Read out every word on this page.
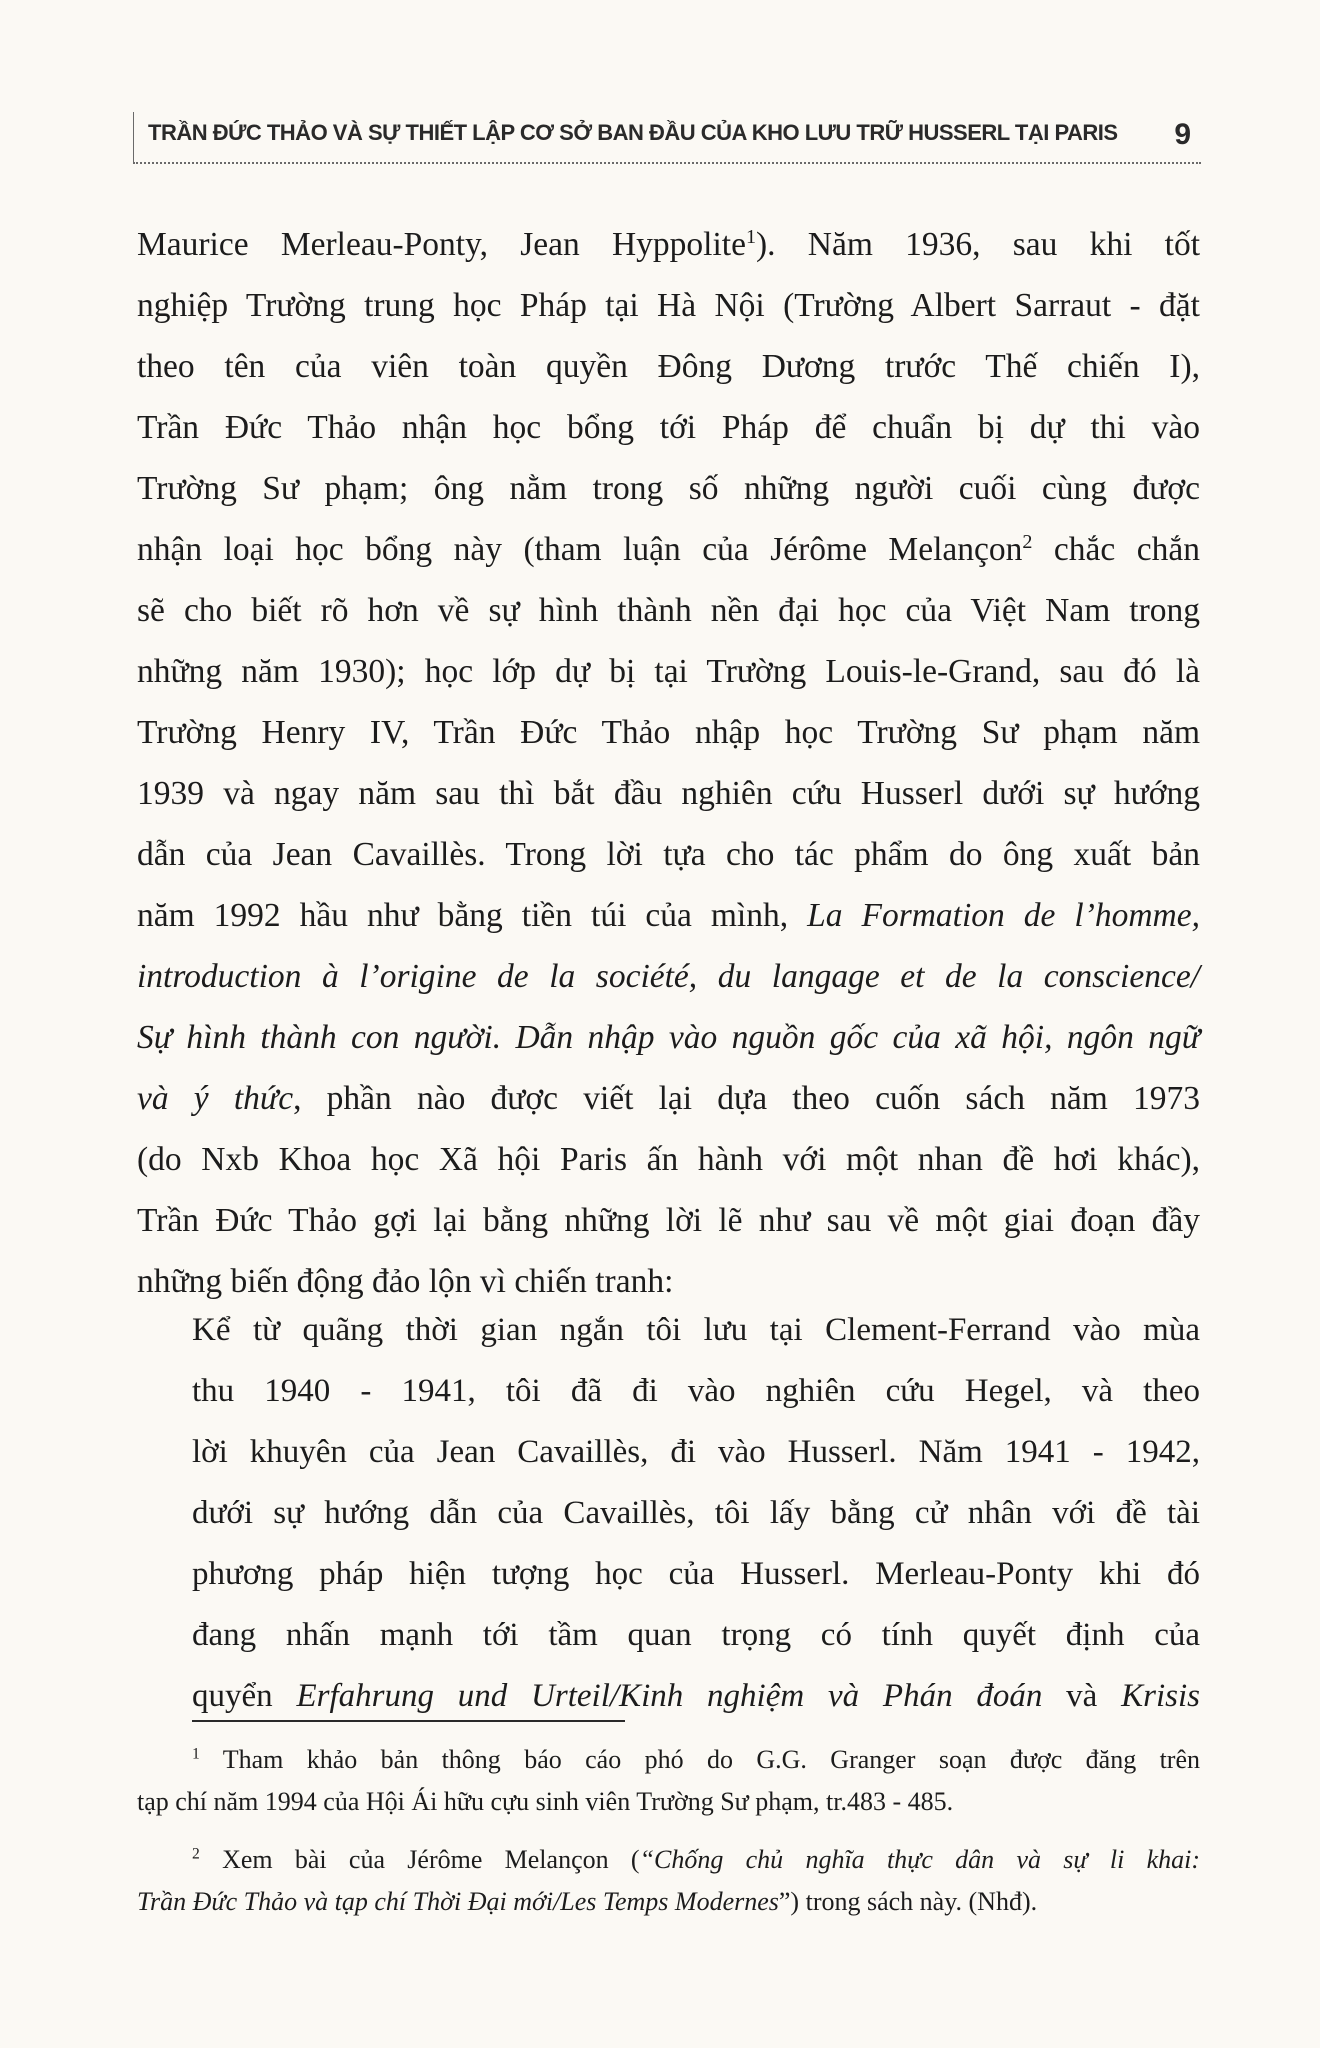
TRẦN ĐỨC THẢO VÀ SỰ THIẾT LẬP CƠ SỞ BAN ĐẦU CỦA KHO LƯU TRỮ HUSSERL TẠI PARIS 9
Maurice Merleau-Ponty, Jean Hyppolite$^1$). Năm 1936, sau khi tốt
nghiệp Trường trung học Pháp tại Hà Nội (Trường Albert Sarraut - đặt
theo tên của viên toàn quyền Đông Dương trước Thế chiến I),
Trần Đức Thảo nhận học bổng tới Pháp để chuẩn bị dự thi vào
Trường Sư phạm; ông nằm trong số những người cuối cùng được
nhận loại học bổng này (tham luận của Jérôme Melançon$^2$ chắc chắn
sẽ cho biết rõ hơn về sự hình thành nền đại học của Việt Nam trong
những năm 1930); học lớp dự bị tại Trường Louis-le-Grand, sau đó là
Trường Henry IV, Trần Đức Thảo nhập học Trường Sư phạm năm
1939 và ngay năm sau thì bắt đầu nghiên cứu Husserl dưới sự hướng
dẫn của Jean Cavaillès. Trong lời tựa cho tác phẩm do ông xuất bản
năm 1992 hầu như bằng tiền túi của mình, La Formation de l’homme,
introduction à l’origine de la société, du langage et de la conscience/
Sự hình thành con người. Dẫn nhập vào nguồn gốc của xã hội, ngôn ngữ
và ý thức, phần nào được viết lại dựa theo cuốn sách năm 1973
(do Nxb Khoa học Xã hội Paris ấn hành với một nhan đề hơi khác),
Trần Đức Thảo gợi lại bằng những lời lẽ như sau về một giai đoạn đầy
những biến động đảo lộn vì chiến tranh:
Kể từ quãng thời gian ngắn tôi lưu tại Clement-Ferrand vào mùa
thu 1940 - 1941, tôi đã đi vào nghiên cứu Hegel, và theo
lời khuyên của Jean Cavaillès, đi vào Husserl. Năm 1941 - 1942,
dưới sự hướng dẫn của Cavaillès, tôi lấy bằng cử nhân với đề tài
phương pháp hiện tượng học của Husserl. Merleau-Ponty khi đó
đang nhấn mạnh tới tầm quan trọng có tính quyết định của
quyển Erfahrung und Urteil/Kinh nghiệm và Phán đoán và Krisis
$^1$ Tham khảo bản thông báo cáo phó do G.G. Granger soạn được đăng trên
tạp chí năm 1994 của Hội Ái hữu cựu sinh viên Trường Sư phạm, tr.483 - 485.
$^2$ Xem bài của Jérôme Melançon (“Chống chủ nghĩa thực dân và sự li khai:
Trần Đức Thảo và tạp chí Thời Đại mới/Les Temps Modernes”) trong sách này. (Nhđ).
